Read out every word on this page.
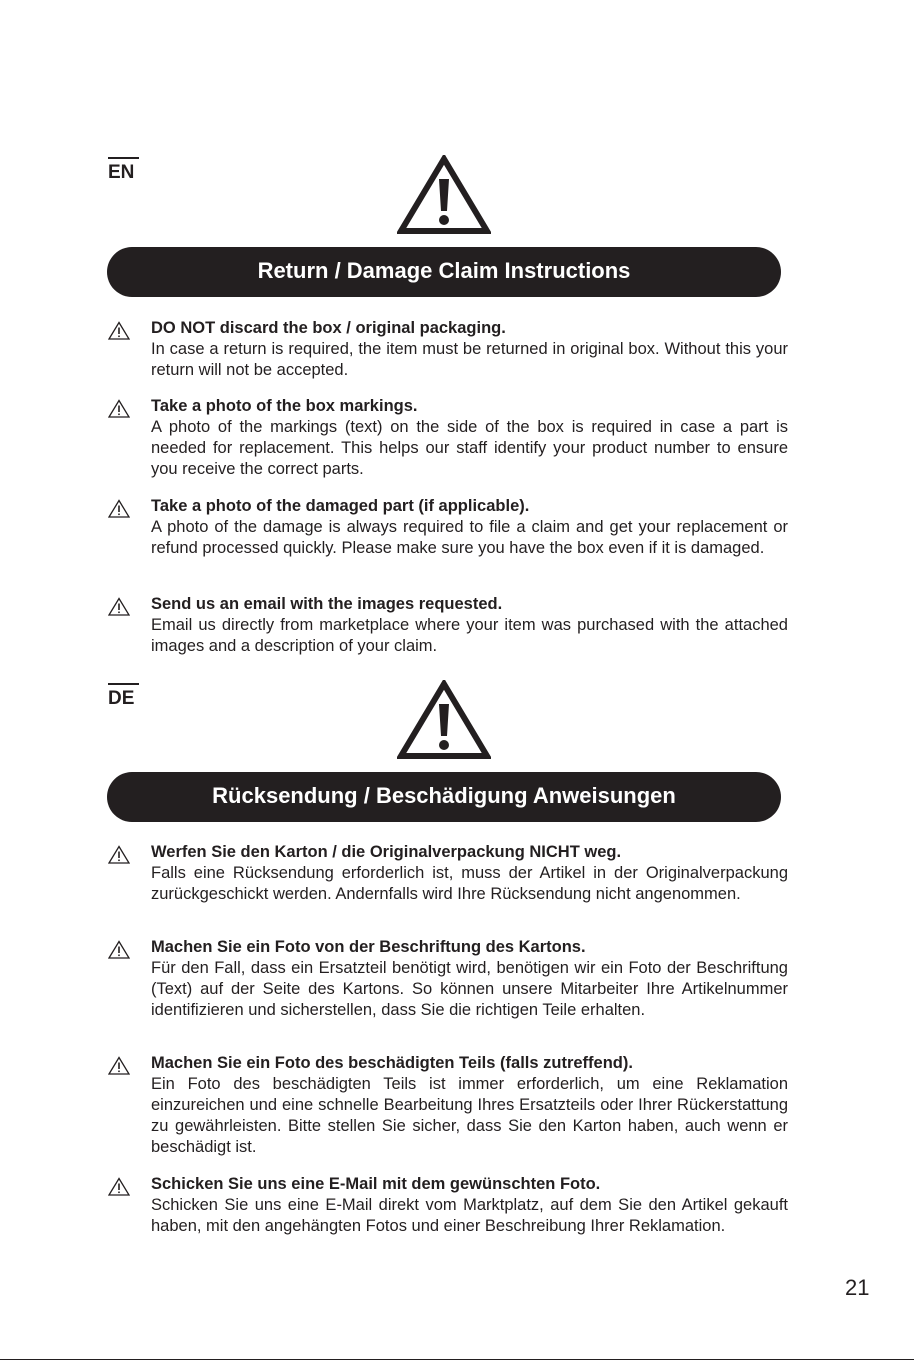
EN
Return / Damage Claim Instructions
DO NOT discard the box / original packaging.
In case a return is required, the item must be returned in original box. Without this your return will not be accepted.
Take a photo of the box markings.
A photo of the markings (text) on the side of the box is required in case a part is needed for replacement. This helps our staff identify your product number to ensure you receive the correct parts.
Take a photo of the damaged part (if applicable).
A photo of the damage is always required to file a claim and get your replacement or refund processed quickly. Please make sure you have the box even if it is damaged.
Send us an email with the images requested.
Email us directly from marketplace where your item was purchased with the attached images and a description of your claim.
DE
Rücksendung / Beschädigung Anweisungen
Werfen Sie den Karton / die Originalverpackung NICHT weg.
Falls eine Rücksendung erforderlich ist, muss der Artikel in der Originalverpackung zurückgeschickt werden. Andernfalls wird Ihre Rücksendung nicht angenommen.
Machen Sie ein Foto von der Beschriftung des Kartons.
Für den Fall, dass ein Ersatzteil benötigt wird, benötigen wir ein Foto der Beschriftung (Text) auf der Seite des Kartons. So können unsere Mitarbeiter Ihre Artikelnummer identifizieren und sicherstellen, dass Sie die richtigen Teile erhalten.
Machen Sie ein Foto des beschädigten Teils (falls zutreffend).
Ein Foto des beschädigten Teils ist immer erforderlich, um eine Reklamation einzureichen und eine schnelle Bearbeitung Ihres Ersatzteils oder Ihrer Rückerstattung zu gewährleisten. Bitte stellen Sie sicher, dass Sie den Karton haben, auch wenn er beschädigt ist.
Schicken Sie uns eine E-Mail mit dem gewünschten Foto.
Schicken Sie uns eine E-Mail direkt vom Marktplatz, auf dem Sie den Artikel gekauft haben, mit den angehängten Fotos und einer Beschreibung Ihrer Reklamation.
21
